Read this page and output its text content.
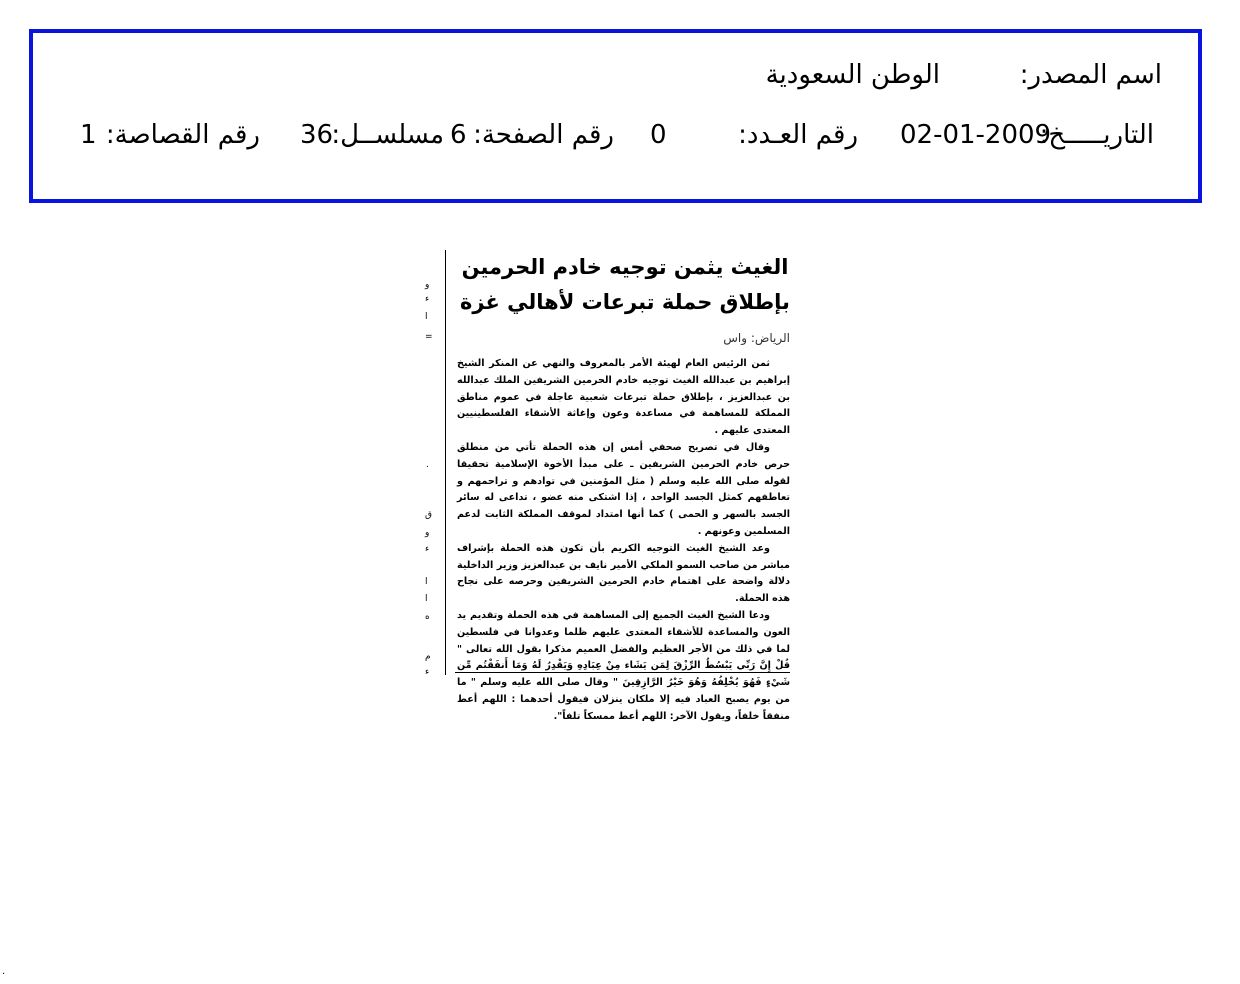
اسم المصدر:
الوطن السعودية
التاريـــــخ:
02-01-2009
رقم العـدد:
0
رقم الصفحة:
6
مسلســل:
36
رقم القصاصة:
1
و
ء
ا
=
٠
ق
و
ء
ا
ا
ه
م
ء
الغيث يثمن توجيه خادم الحرمين
بإطلاق حملة تبرعات لأهالي غزة
الرياض: واس

ثمن الرئيس العام لهيئة الأمر بالمعروف والنهي عن المنكر الشيخ إبراهيم بن عبدالله الغيث توجيه خادم الحرمين الشريفين الملك عبدالله بن عبدالعزيز ، بإطلاق حملة تبرعات شعبية عاجلة في عموم مناطق المملكة للمساهمة في مساعدة وعون وإغاثة الأشقاء الفلسطينيين المعتدى عليهم .

وقال في تصريح صحفي أمس إن هذه الحملة تأتي من منطلق حرص خادم الحرمين الشريفين ـ على مبدأ الأخوة الإسلامية تحقيقا لقوله صلى الله عليه وسلم ( مثل المؤمنين في توادهم و تراحمهم و تعاطفهم كمثل الجسد الواحد ، إذا اشتكى منه عضو ، تداعى له سائر الجسد بالسهر و الحمى ) كما أنها امتداد لموقف المملكة الثابت لدعم المسلمين وعونهم .

وعد الشيخ الغيث التوجيه الكريم بأن تكون هذه الحملة بإشراف مباشر من صاحب السمو الملكي الأمير نايف بن عبدالعزيز وزير الداخلية دلالة واضحة على اهتمام خادم الحرمين الشريفين وحرصه على نجاح هذه الحملة.

ودعا الشيخ الغيث الجميع إلى المساهمة في هذه الحملة وتقديم يد العون والمساعدة للأشقاء المعتدى عليهم ظلما وعدوانا في فلسطين لما في ذلك من الأجر العظيم والفضل العميم مذكرا بقول الله تعالى " قُلْ إِنَّ رَبِّي يَبْسُطُ الرِّزْقَ لِمَن يَشَاء مِنْ عِبَادِهِ وَيَقْدِرُ لَهُ وَمَا أَنفَقْتُم مِّن شَيْءٍ فَهُوَ يُخْلِفُهُ وَهُوَ خَيْرُ الرَّازِقِينَ " وقال صلى الله عليه وسلم " ما من يوم يصبح العباد فيه إلا ملكان ينزلان فيقول أحدهما : اللهم أعط منفقاً خلفاً، ويقول الآخر: اللهم أعط ممسكاً تلفاً".

.
